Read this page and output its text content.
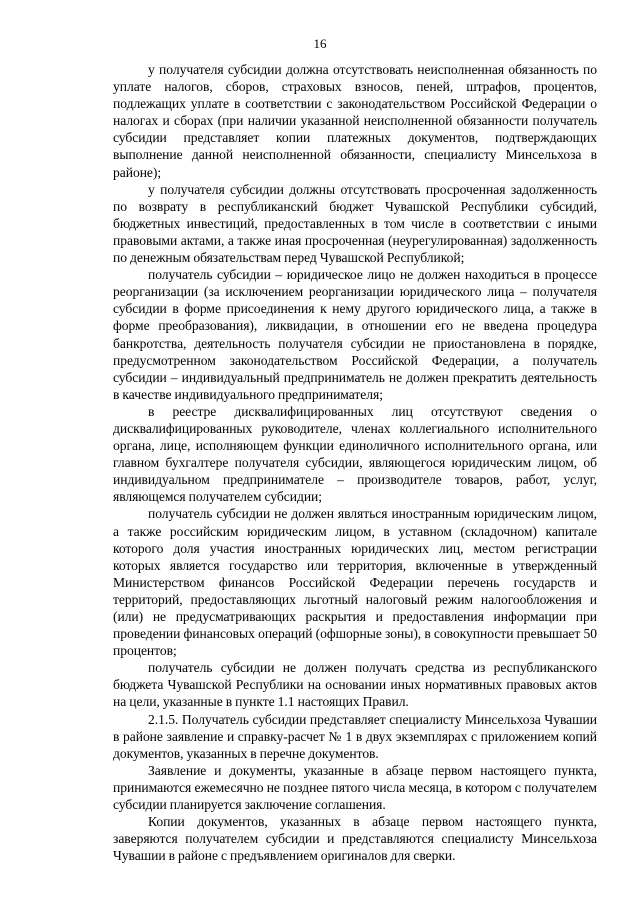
16

у получателя субсидии должна отсутствовать неисполненная обязанность по уплате налогов, сборов, страховых взносов, пеней, штрафов, процентов, подлежащих уплате в соответствии с законодательством Российской Федерации о налогах и сборах (при наличии указанной неисполненной обязанности получатель субсидии представляет копии платежных документов, подтверждающих выполнение данной неисполненной обязанности, специалисту Минсельхоза в районе);

у получателя субсидии должны отсутствовать просроченная задолженность по возврату в республиканский бюджет Чувашской Республики субсидий, бюджетных инвестиций, предоставленных в том числе в соответствии с иными правовыми актами, а также иная просроченная (неурегулированная) задолженность по денежным обязательствам перед Чувашской Республикой;

получатель субсидии – юридическое лицо не должен находиться в процессе реорганизации (за исключением реорганизации юридического лица – получателя субсидии в форме присоединения к нему другого юридического лица, а также в форме преобразования), ликвидации, в отношении его не введена процедура банкротства, деятельность получателя субсидии не приостановлена в порядке, предусмотренном законодательством Российской Федерации, а получатель субсидии – индивидуальный предприниматель не должен прекратить деятельность в качестве индивидуального предпринимателя;

в реестре дисквалифицированных лиц отсутствуют сведения о дисквалифицированных руководителе, членах коллегиального исполнительного органа, лице, исполняющем функции единоличного исполнительного органа, или главном бухгалтере получателя субсидии, являющегося юридическим лицом, об индивидуальном предпринимателе – производителе товаров, работ, услуг, являющемся получателем субсидии;

получатель субсидии не должен являться иностранным юридическим лицом, а также российским юридическим лицом, в уставном (складочном) капитале которого доля участия иностранных юридических лиц, местом регистрации которых является государство или территория, включенные в утвержденный Министерством финансов Российской Федерации перечень государств и территорий, предоставляющих льготный налоговый режим налогообложения и (или) не предусматривающих раскрытия и предоставления информации при проведении финансовых операций (офшорные зоны), в совокупности превышает 50 процентов;

получатель субсидии не должен получать средства из республиканского бюджета Чувашской Республики на основании иных нормативных правовых актов на цели, указанные в пункте 1.1 настоящих Правил.

2.1.5. Получатель субсидии представляет специалисту Минсельхоза Чувашии в районе заявление и справку-расчет № 1 в двух экземплярах с приложением копий документов, указанных в перечне документов.

Заявление и документы, указанные в абзаце первом настоящего пункта, принимаются ежемесячно не позднее пятого числа месяца, в котором с получателем субсидии планируется заключение соглашения.

Копии документов, указанных в абзаце первом настоящего пункта, заверяются получателем субсидии и представляются специалисту Минсельхоза Чувашии в районе с предъявлением оригиналов для сверки.
